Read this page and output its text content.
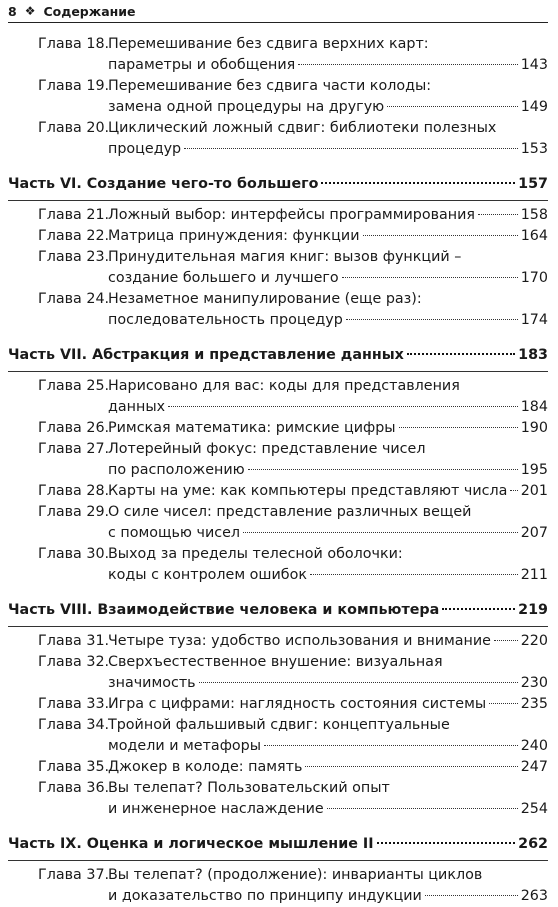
8 ❖ Содержание
Глава 18.
Перемешивание без сдвига верхних карт:
параметры и обобщения	143
Глава 19.
Перемешивание без сдвига части колоды:
замена одной процедуры на другую	149
Глава 20.
Циклический ложный сдвиг: библиотеки полезных
процедур	153
Часть VI. Создание чего-то большего	157
Глава 21.
Ложный выбор: интерфейсы программирования	158
Глава 22.
Матрица принуждения: функции	164
Глава 23.
Принудительная магия книг: вызов функций –
создание большего и лучшего	170
Глава 24.
Незаметное манипулирование (еще раз):
последовательность процедур	174
Часть VII. Абстракция и представление данных	183
Глава 25.
Нарисовано для вас: коды для представления
данных	184
Глава 26.
Римская математика: римские цифры	190
Глава 27.
Лотерейный фокус: представление чисел
по расположению	195
Глава 28.
Карты на уме: как компьютеры представляют числа 201
Глава 29.
О силе чисел: представление различных вещей
с помощью чисел	207
Глава 30.
Выход за пределы телесной оболочки:
коды с контролем ошибок	211
Часть VIII. Взаимодействие человека и компьютера	219
Глава 31.
Четыре туза: удобство использования и внимание 220
Глава 32.
Сверхъестественное внушение: визуальная
значимость	230
Глава 33.
Игра с цифрами: наглядность состояния системы 235
Глава 34.
Тройной фальшивый сдвиг: концептуальные
модели и метафоры	240
Глава 35.
Джокер в колоде: память	247
Глава 36.
Вы телепат? Пользовательский опыт
и инженерное наслаждение	254
Часть IX. Оценка и логическое мышление II	262
Глава 37.
Вы телепат? (продолжение): инварианты циклов
и доказательство по принципу индукции	263
